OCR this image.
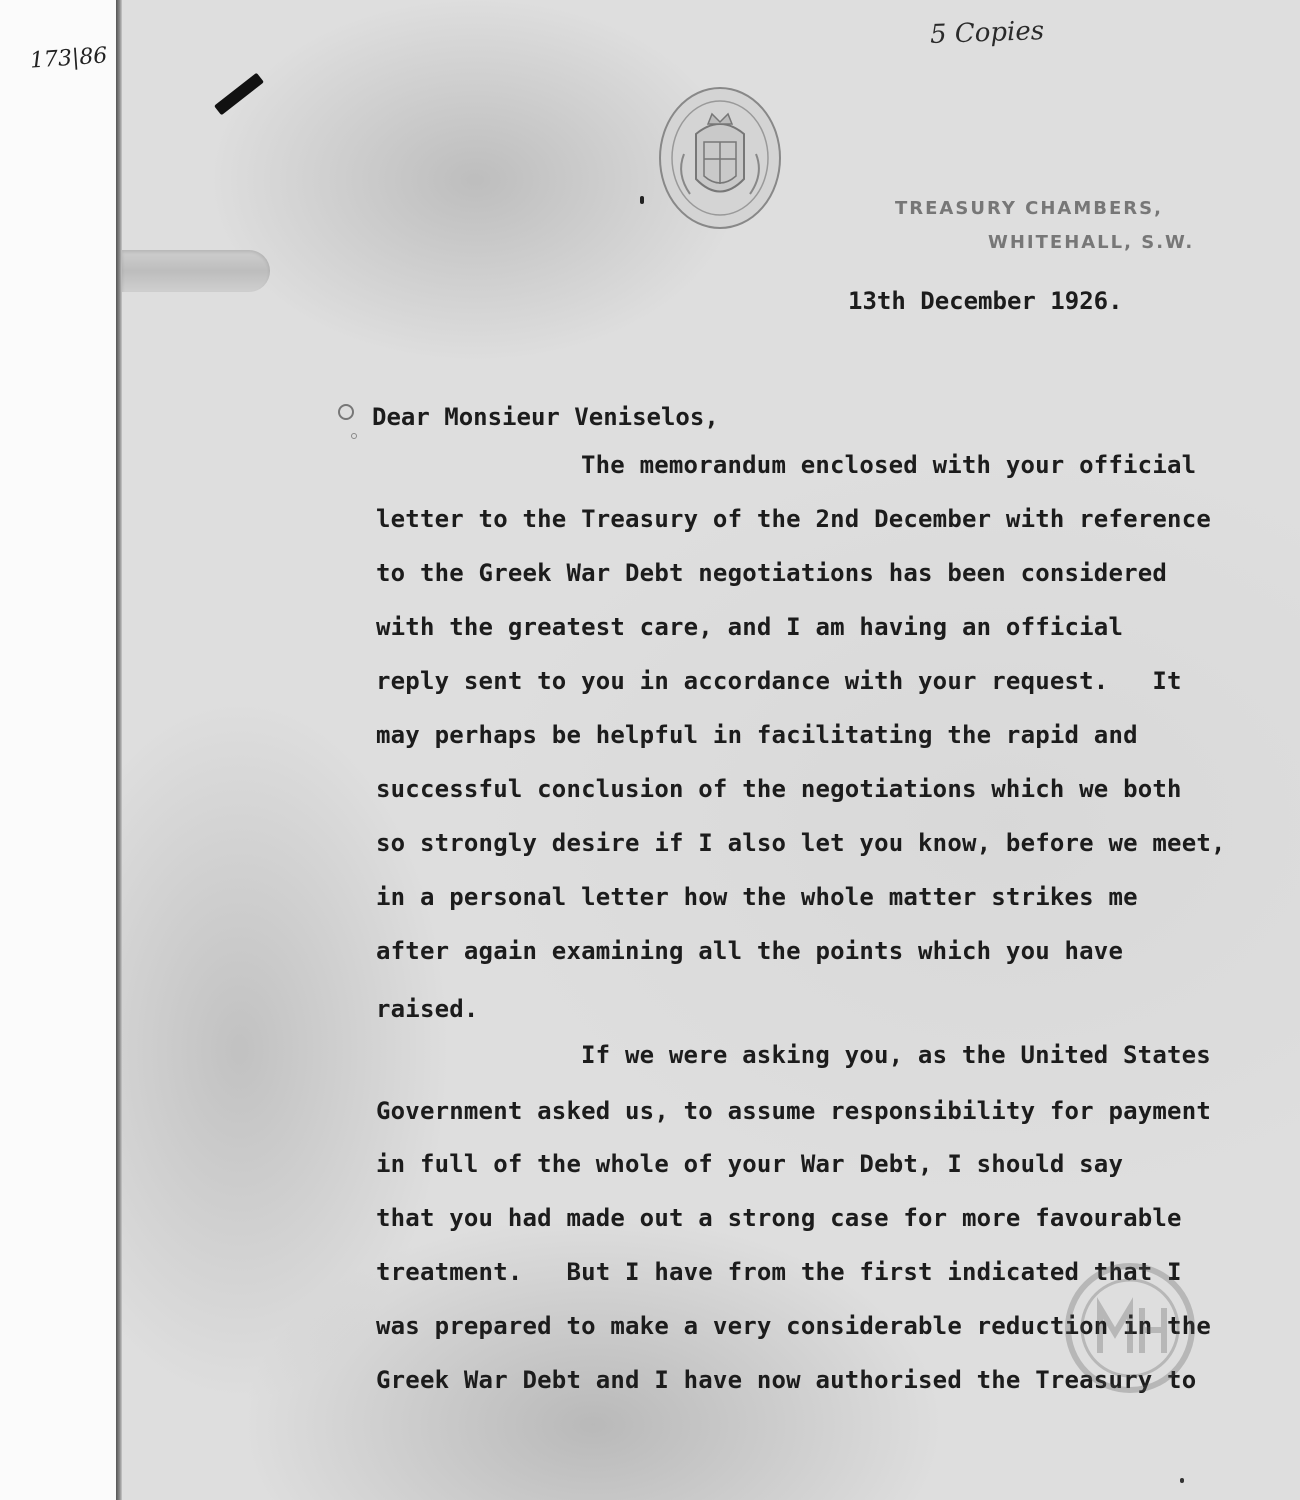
173|86
5 Copies
TREASURY CHAMBERS,
WHITEHALL, S.W.
13th December 1926.
Dear Monsieur Veniselos,
The memorandum enclosed with your official
letter to the Treasury of the 2nd December with reference
to the Greek War Debt negotiations has been considered
with the greatest care, and I am having an official
reply sent to you in accordance with your request.   It
may perhaps be helpful in facilitating the rapid and
successful conclusion of the negotiations which we both
so strongly desire if I also let you know, before we meet,
in a personal letter how the whole matter strikes me
after again examining all the points which you have
raised.
If we were asking you, as the United States
Government asked us, to assume responsibility for payment
in full of the whole of your War Debt, I should say
that you had made out a strong case for more favourable
treatment.   But I have from the first indicated that I
was prepared to make a very considerable reduction in the
Greek War Debt and I have now authorised the Treasury to
